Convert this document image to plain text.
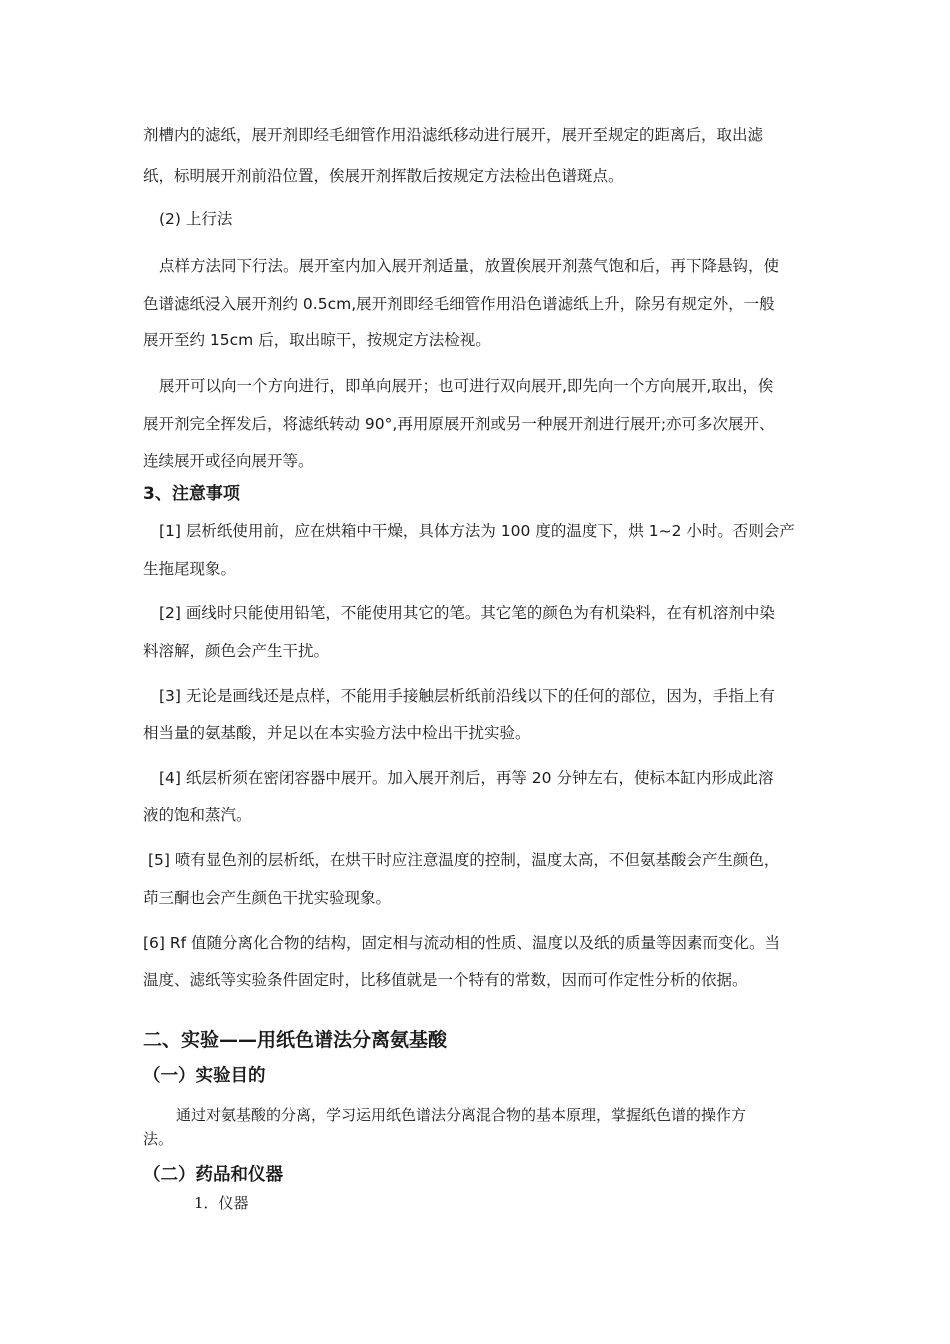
剂槽内的滤纸，展开剂即经毛细管作用沿滤纸移动进行展开，展开至规定的距离后，取出滤
纸，标明展开剂前沿位置，俟展开剂挥散后按规定方法检出色谱斑点。
(2) 上行法
点样方法同下行法。展开室内加入展开剂适量，放置俟展开剂蒸气饱和后，再下降悬钩，使
色谱滤纸浸入展开剂约 0.5cm,展开剂即经毛细管作用沿色谱滤纸上升，除另有规定外，一般
展开至约 15cm 后，取出晾干，按规定方法检视。
展开可以向一个方向进行，即单向展开；也可进行双向展开,即先向一个方向展开,取出，俟
展开剂完全挥发后，将滤纸转动 90°,再用原展开剂或另一种展开剂进行展开;亦可多次展开、
连续展开或径向展开等。
3、注意事项
[1] 层析纸使用前，应在烘箱中干燥，具体方法为 100 度的温度下，烘 1~2 小时。否则会产
生拖尾现象。
[2] 画线时只能使用铅笔，不能使用其它的笔。其它笔的颜色为有机染料，在有机溶剂中染
料溶解，颜色会产生干扰。
[3] 无论是画线还是点样，不能用手接触层析纸前沿线以下的任何的部位，因为，手指上有
相当量的氨基酸，并足以在本实验方法中检出干扰实验。
[4] 纸层析须在密闭容器中展开。加入展开剂后，再等 20 分钟左右，使标本缸内形成此溶
液的饱和蒸汽。
[5] 喷有显色剂的层析纸，在烘干时应注意温度的控制，温度太高，不但氨基酸会产生颜色，
茚三酮也会产生颜色干扰实验现象。
[6] Rf 值随分离化合物的结构，固定相与流动相的性质、温度以及纸的质量等因素而变化。当
温度、滤纸等实验条件固定时，比移值就是一个特有的常数，因而可作定性分析的依据。
二、实验——用纸色谱法分离氨基酸
（一）实验目的
通过对氨基酸的分离，学习运用纸色谱法分离混合物的基本原理，掌握纸色谱的操作方
法。
（二）药品和仪器
1．仪器
